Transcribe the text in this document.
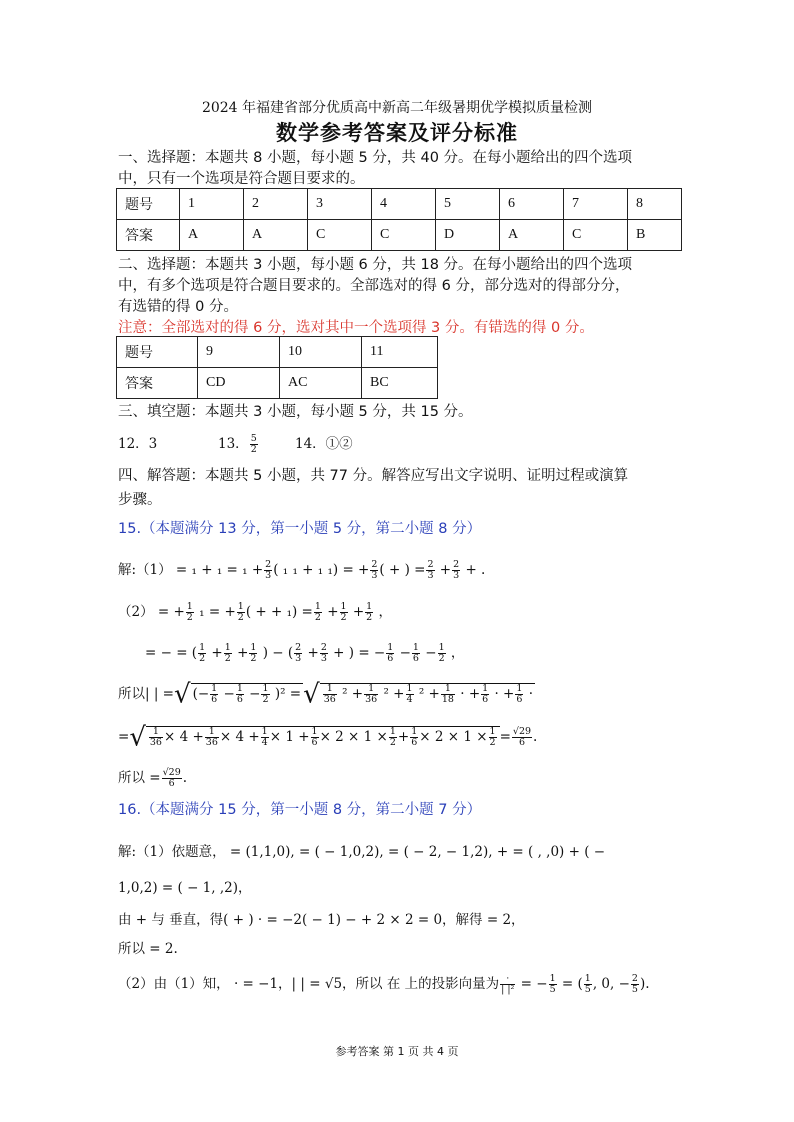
2024 年福建省部分优质高中新高二年级暑期优学模拟质量检测
数学参考答案及评分标准
一、选择题：本题共 8 小题，每小题 5 分，共 40 分。在每小题给出的四个选项
中，只有一个选项是符合题目要求的。
题号	1	2	3	4	5	6	7	8
答案	A	A	C	C	D	A	C	B
二、选择题：本题共 3 小题，每小题 6 分，共 18 分。在每小题给出的四个选项
中，有多个选项是符合题目要求的。全部选对的得 6 分，部分选对的得部分分，
有选错的得 0 分。
注意：全部选对的得 6 分，选对其中一个选项得 3 分。有错选的得 0 分。
题号	9	10	11
答案	CD	AC	BC
三、填空题：本题共 3 小题，每小题 5 分，共 15 分。
12．3	13． $\frac{5}{2}$	14．①②
四、解答题：本题共 5 小题，共 77 分。解答应写出文字说明、证明过程或演算
步骤。
15.（本题满分 13 分，第一小题 5 分，第二小题 8 分）
解:（1） = $_1 + _1 = _1 + \frac{2}{3}$ ( ₁ ₁ + ₁ ₁) = + $\frac{2}{3}$ ( + ) = $\frac{2}{3} + \frac{2}{3}$ + .
（2） = + $\frac{1}{2} _1$ = + $\frac{1}{2}$ ( + + $_1) = \frac{1}{2} + \frac{1}{2} + \frac{1}{2}$ ，
= − = ( $\frac{1}{2} + \frac{1}{2} + \frac{1}{2}$ ) − ( $\frac{2}{3} + \frac{2}{3}$ + ) = − $\frac{1}{6} - \frac{1}{6} - \frac{1}{2}$ ，
所以| | =√ (− $\frac{1}{6} - \frac{1}{6} - \frac{1}{2} )^2$ =√ $\frac{1}{36} ^2 + \frac{1}{36} ^2 + \frac{1}{4} ^2 + \frac{1}{18}$ · + $\frac{1}{6}$ · + $\frac{1}{6}$ ·
=√ $\frac{1}{36} \times 4 + \frac{1}{36} \times 4 + \frac{1}{4} \times 1 + \frac{1}{6} \times 2 \times 1 \times \frac{1}{2} + \frac{1}{6} \times 2 \times 1 \times \frac{1}{2} = \frac{√29}{6}$ .
所以 = $\frac{√29}{6}$ .
16.（本题满分 15 分，第一小题 8 分，第二小题 7 分）
解:（1）依题意， = (1,1,0), = ( − 1,0,2), = ( − 2, − 1,2), + = ( , ,0) + ( −
1,0,2) = ( − 1, ,2)，
由 + 与 垂直，得( + ) · = −2( − 1) − + 2 × 2 = 0，解得 = 2，
所以 = 2.
（2）由（1）知， · = −1，| | = √5，所以 在 上的投影向量为 $\frac{\cdot}{\text{| |²}}$ = − $\frac{1}{5}$ = ( $\frac{1}{5}$ , 0, − $\frac{2}{5}$ ).
参考答案 第 1 页 共 4 页
